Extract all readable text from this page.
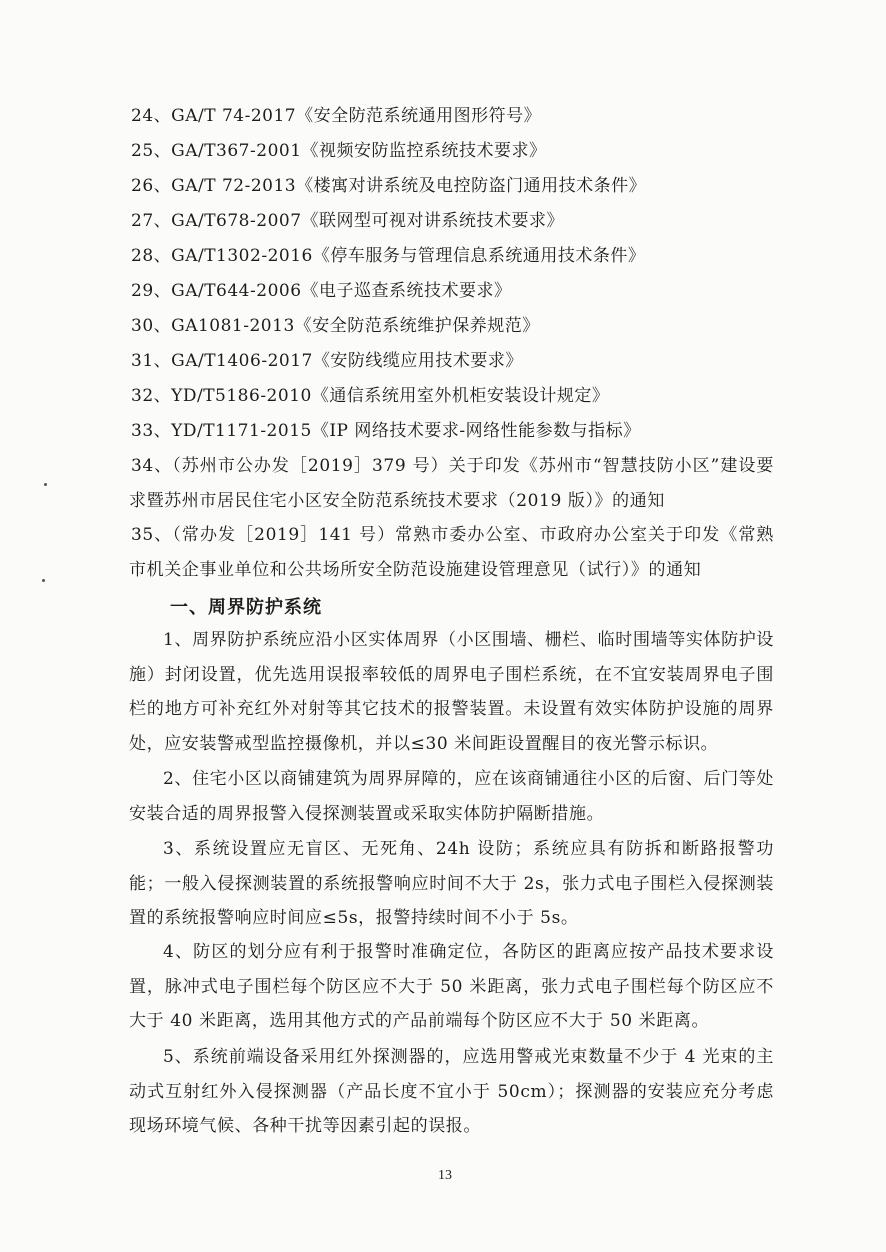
24、GA/T 74-2017《安全防范系统通用图形符号》
25、GA/T367-2001《视频安防监控系统技术要求》
26、GA/T 72-2013《楼寓对讲系统及电控防盗门通用技术条件》
27、GA/T678-2007《联网型可视对讲系统技术要求》
28、GA/T1302-2016《停车服务与管理信息系统通用技术条件》
29、GA/T644-2006《电子巡查系统技术要求》
30、GA1081-2013《安全防范系统维护保养规范》
31、GA/T1406-2017《安防线缆应用技术要求》
32、YD/T5186-2010《通信系统用室外机柜安装设计规定》
33、YD/T1171-2015《IP 网络技术要求-网络性能参数与指标》
34、（苏州市公办发［2019］379 号）关于印发《苏州市“智慧技防小区”建设要求暨苏州市居民住宅小区安全防范系统技术要求（2019 版）》的通知
35、（常办发［2019］141 号）常熟市委办公室、市政府办公室关于印发《常熟市机关企事业单位和公共场所安全防范设施建设管理意见（试行）》的通知
一、周界防护系统
1、周界防护系统应沿小区实体周界（小区围墙、栅栏、临时围墙等实体防护设施）封闭设置，优先选用误报率较低的周界电子围栏系统，在不宜安装周界电子围栏的地方可补充红外对射等其它技术的报警装置。未设置有效实体防护设施的周界处，应安装警戒型监控摄像机，并以≤30 米间距设置醒目的夜光警示标识。
2、住宅小区以商铺建筑为周界屏障的，应在该商铺通往小区的后窗、后门等处安装合适的周界报警入侵探测装置或采取实体防护隔断措施。
3、系统设置应无盲区、无死角、24h 设防；系统应具有防拆和断路报警功能；一般入侵探测装置的系统报警响应时间不大于 2s，张力式电子围栏入侵探测装置的系统报警响应时间应≤5s，报警持续时间不小于 5s。
4、防区的划分应有利于报警时准确定位，各防区的距离应按产品技术要求设置，脉冲式电子围栏每个防区应不大于 50 米距离，张力式电子围栏每个防区应不大于 40 米距离，选用其他方式的产品前端每个防区应不大于 50 米距离。
5、系统前端设备采用红外探测器的，应选用警戒光束数量不少于 4 光束的主动式互射红外入侵探测器（产品长度不宜小于 50cm）；探测器的安装应充分考虑现场环境气候、各种干扰等因素引起的误报。
13
